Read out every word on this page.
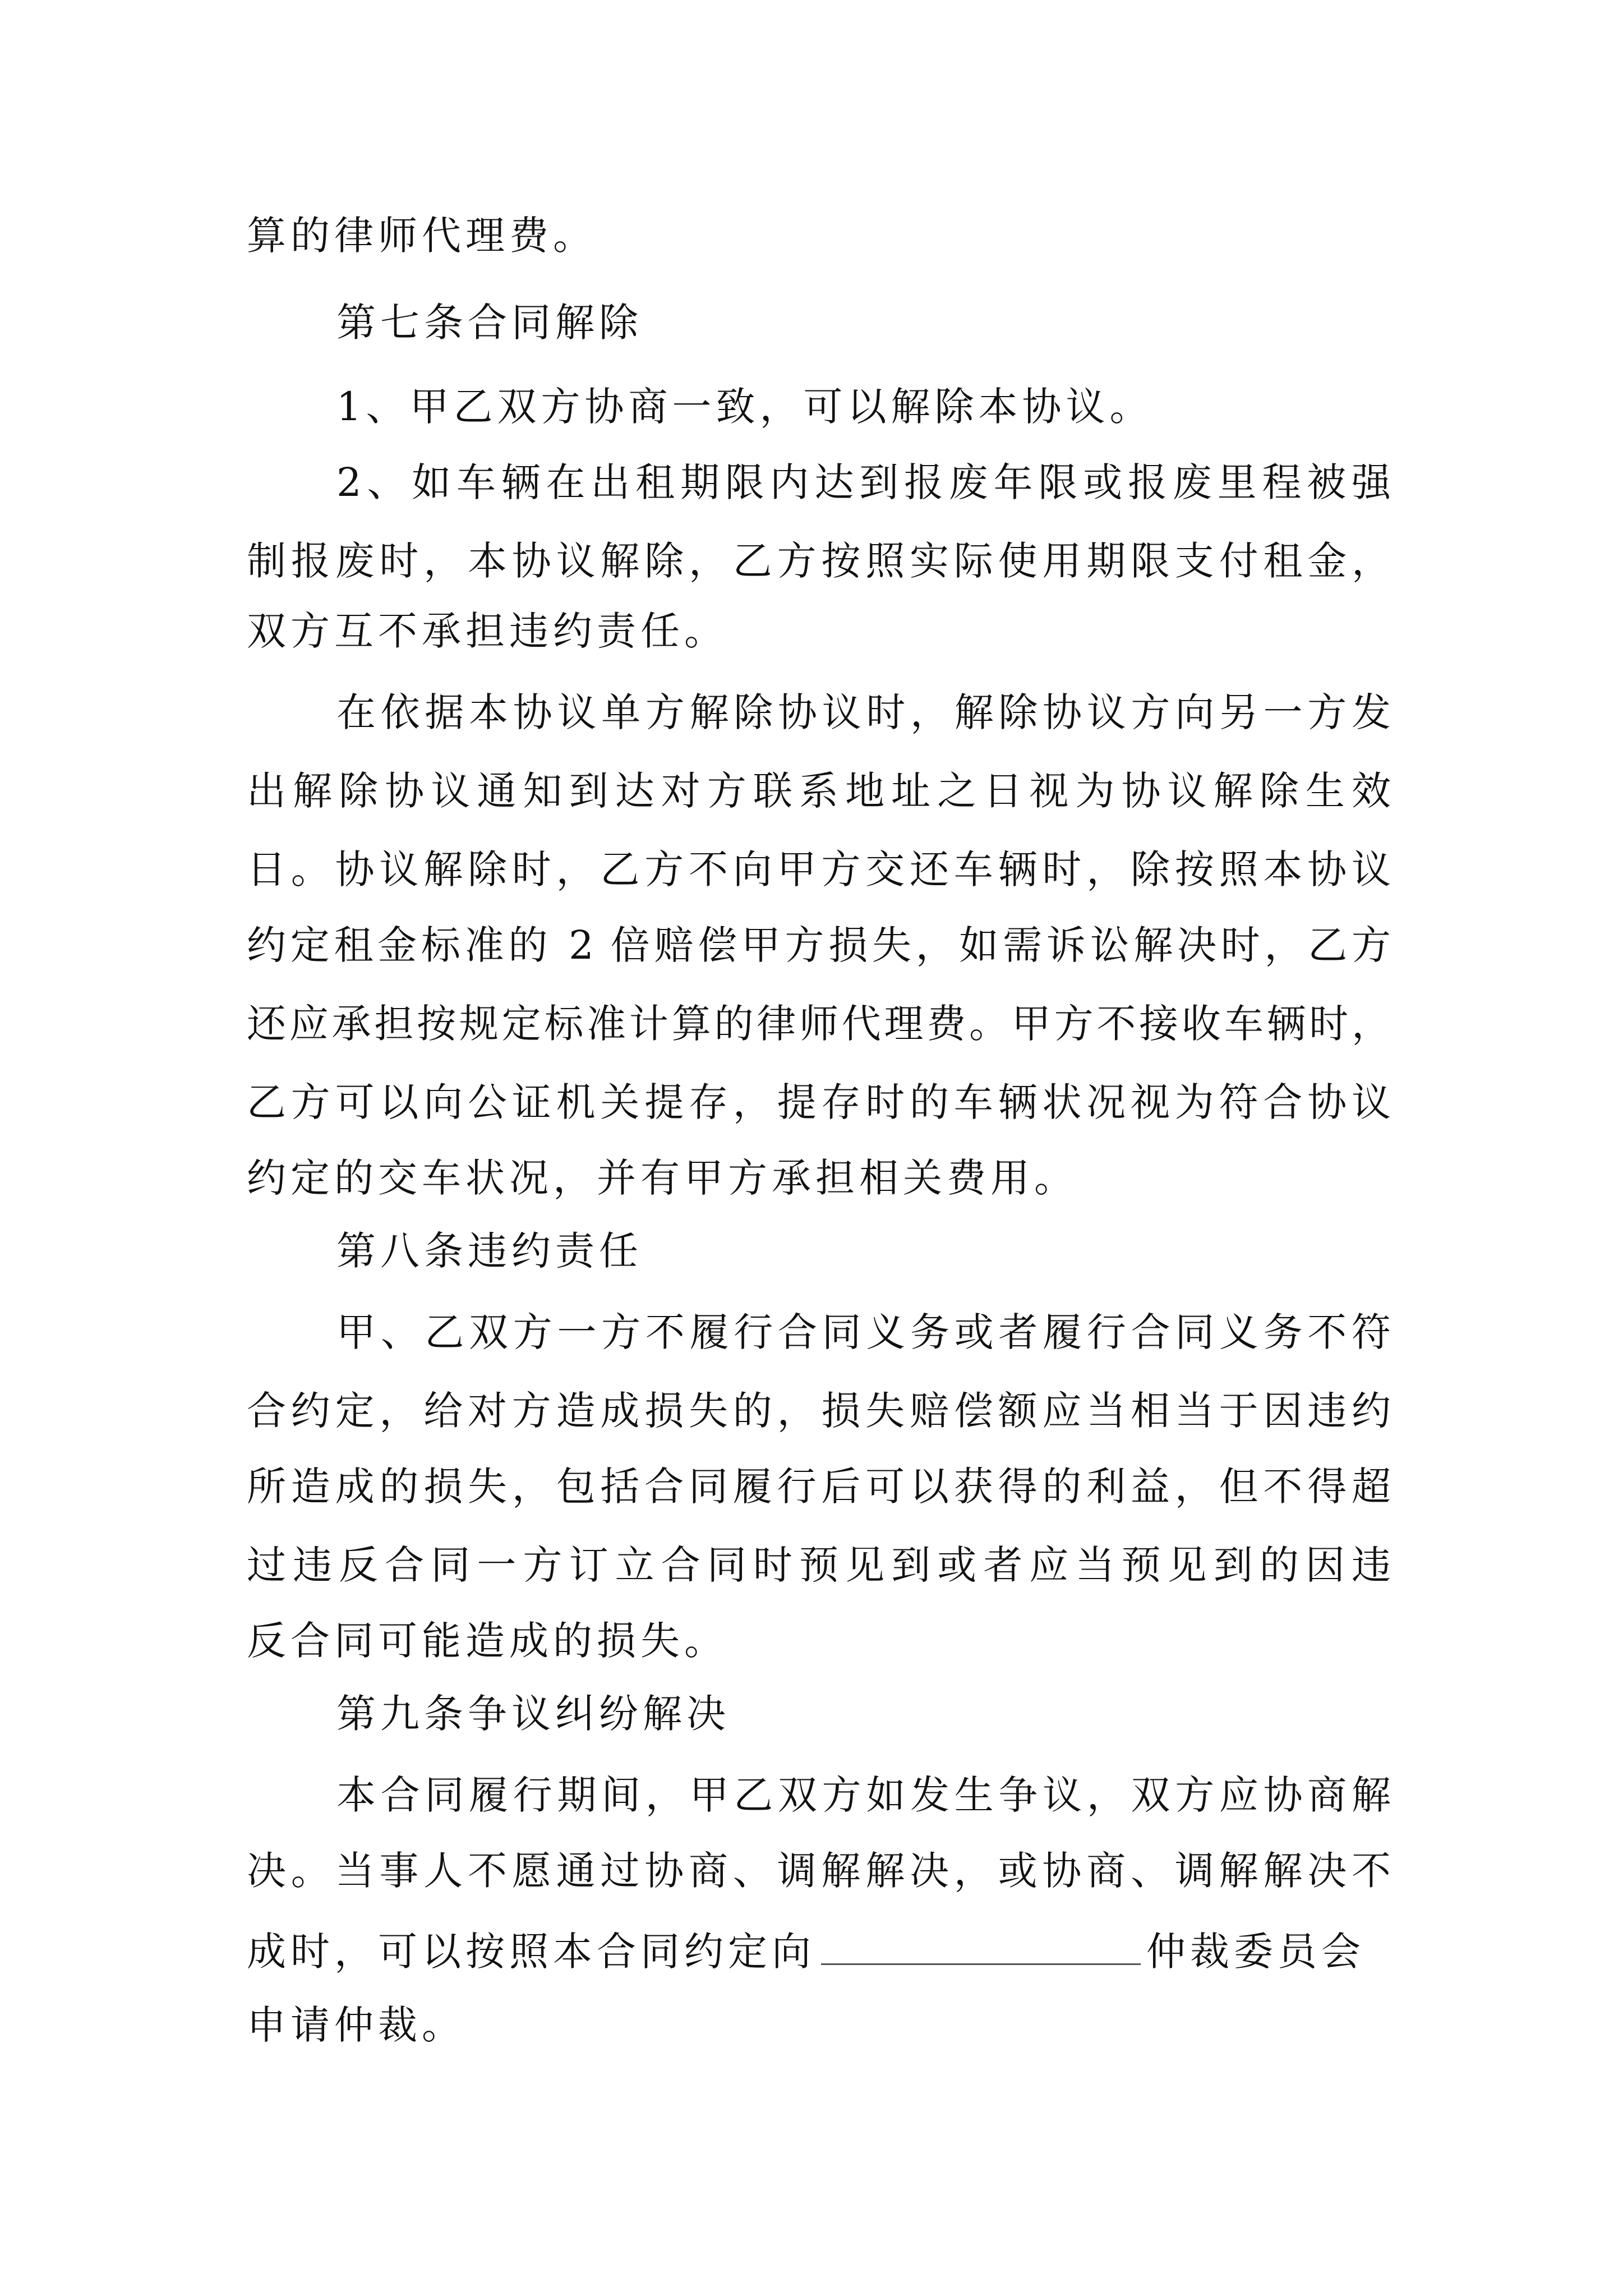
算的律师代理费。
第七条合同解除
1、甲乙双方协商一致，可以解除本协议。
2、如车辆在出租期限内达到报废年限或报废里程被强
制报废时，本协议解除，乙方按照实际使用期限支付租金，
双方互不承担违约责任。
在依据本协议单方解除协议时，解除协议方向另一方发
出解除协议通知到达对方联系地址之日视为协议解除生效
日。协议解除时，乙方不向甲方交还车辆时，除按照本协议
约定租金标准的 2 倍赔偿甲方损失，如需诉讼解决时，乙方
还应承担按规定标准计算的律师代理费。甲方不接收车辆时，
乙方可以向公证机关提存，提存时的车辆状况视为符合协议
约定的交车状况，并有甲方承担相关费用。
第八条违约责任
甲、乙双方一方不履行合同义务或者履行合同义务不符
合约定，给对方造成损失的，损失赔偿额应当相当于因违约
所造成的损失，包括合同履行后可以获得的利益，但不得超
过违反合同一方订立合同时预见到或者应当预见到的因违
反合同可能造成的损失。
第九条争议纠纷解决
本合同履行期间，甲乙双方如发生争议，双方应协商解
决。当事人不愿通过协商、调解解决，或协商、调解解决不
成时，可以按照本合同约定向	仲裁委员会
申请仲裁。
